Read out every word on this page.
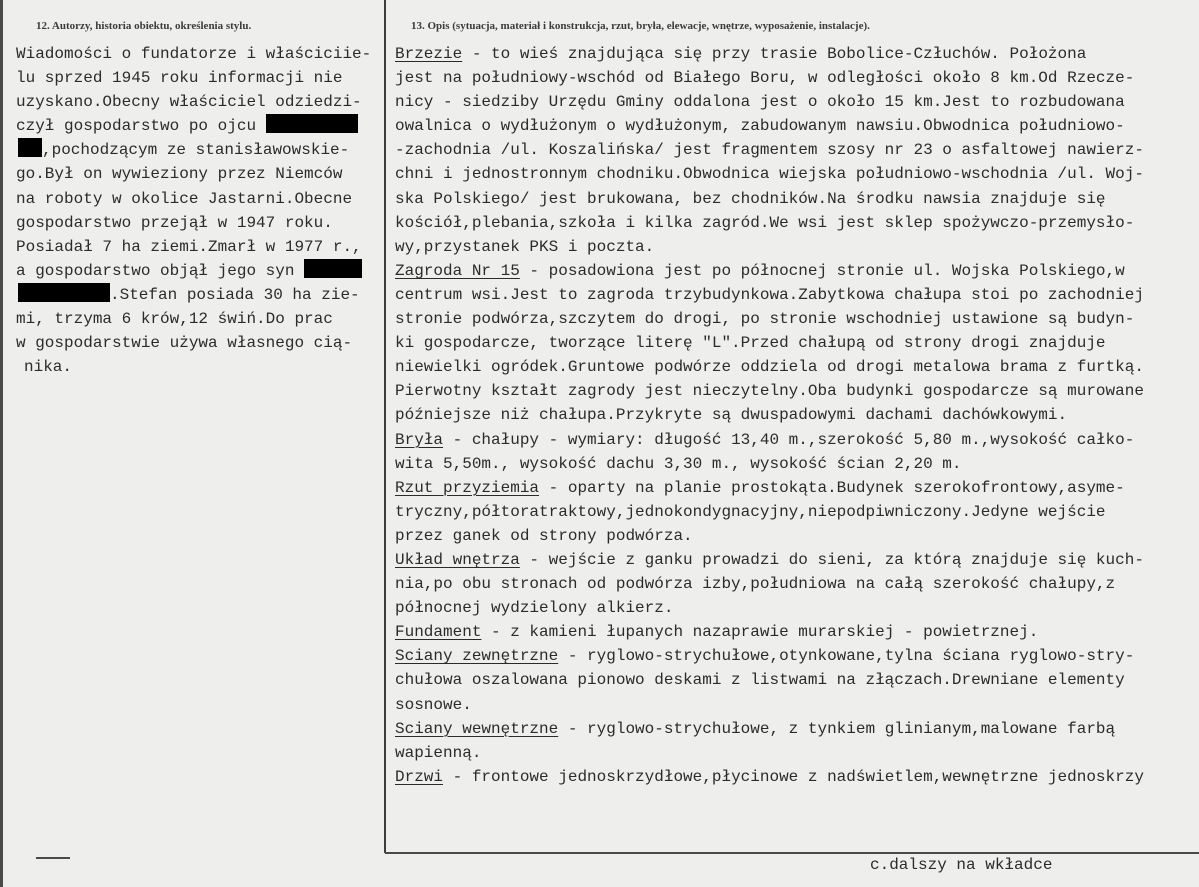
12. Autorzy, historia obiektu, określenia stylu.	13. Opis (sytuacja, materiał i konstrukcja, rzut, bryła, elewacje, wnętrze, wyposażenie, instalacje).
Wiadomości o fundatorze i właściciie-
lu sprzed 1945 roku informacji nie
uzyskano.Obecny właściciel odziedzi-
czył gospodarstwo po ojcu
,pochodzącym ze stanisławowskie-
go.Był on wywieziony przez Niemców
na roboty w okolice Jastarni.Obecne
gospodarstwo przejął w 1947 roku.
Posiadał 7 ha ziemi.Zmarł w 1977 r.,
a gospodarstwo objął jego syn
.Stefan posiada 30 ha zie-
mi, trzyma 6 krów,12 świń.Do prac
w gospodarstwie używa własnego cią-
nika.
Brzezie - to wieś znajdująca się przy trasie Bobolice-Człuchów. Położona
jest na południowy-wschód od Białego Boru, w odległości około 8 km.Od Rzecze-
nicy - siedziby Urzędu Gminy oddalona jest o około 15 km.Jest to rozbudowana
owalnica o wydłużonym o wydłużonym, zabudowanym nawsiu.Obwodnica południowo-
-zachodnia /ul. Koszalińska/ jest fragmentem szosy nr 23 o asfaltowej nawierz-
chni i jednostronnym chodniku.Obwodnica wiejska południowo-wschodnia /ul. Woj-
ska Polskiego/ jest brukowana, bez chodników.Na środku nawsia znajduje się
kościół,plebania,szkoła i kilka zagród.We wsi jest sklep spożywczo-przemysło-
wy,przystanek PKS i poczta.
Zagroda Nr 15 - posadowiona jest po północnej stronie ul. Wojska Polskiego,w
centrum wsi.Jest to zagroda trzybudynkowa.Zabytkowa chałupa stoi po zachodniej
stronie podwórza,szczytem do drogi, po stronie wschodniej ustawione są budyn-
ki gospodarcze, tworzące literę "L".Przed chałupą od strony drogi znajduje
niewielki ogródek.Gruntowe podwórze oddziela od drogi metalowa brama z furtką.
Pierwotny kształt zagrody jest nieczytelny.Oba budynki gospodarcze są murowane
późniejsze niż chałupa.Przykryte są dwuspadowymi dachami dachówkowymi.
Bryła - chałupy - wymiary: długość 13,40 m.,szerokość 5,80 m.,wysokość całko-
wita 5,50m., wysokość dachu 3,30 m., wysokość ścian 2,20 m.
Rzut przyziemia - oparty na planie prostokąta.Budynek szerokofrontowy,asyme-
tryczny,półtoratraktowy,jednokondygnacyjny,niepodpiwniczony.Jedyne wejście
przez ganek od strony podwórza.
Układ wnętrza - wejście z ganku prowadzi do sieni, za którą znajduje się kuch-
nia,po obu stronach od podwórza izby,południowa na całą szerokość chałupy,z
północnej wydzielony alkierz.
Fundament - z kamieni łupanych nazaprawie murarskiej - powietrznej.
Sciany zewnętrzne - ryglowo-strychułowe,otynkowane,tylna ściana ryglowo-stry-
chułowa oszalowana pionowo deskami z listwami na złączach.Drewniane elementy
sosnowe.
Sciany wewnętrzne - ryglowo-strychułowe, z tynkiem glinianym,malowane farbą
wapienną.
Drzwi - frontowe jednoskrzydłowe,płycinowe z nadświetlem,wewnętrzne jednoskrzy
c.dalszy na wkładce
